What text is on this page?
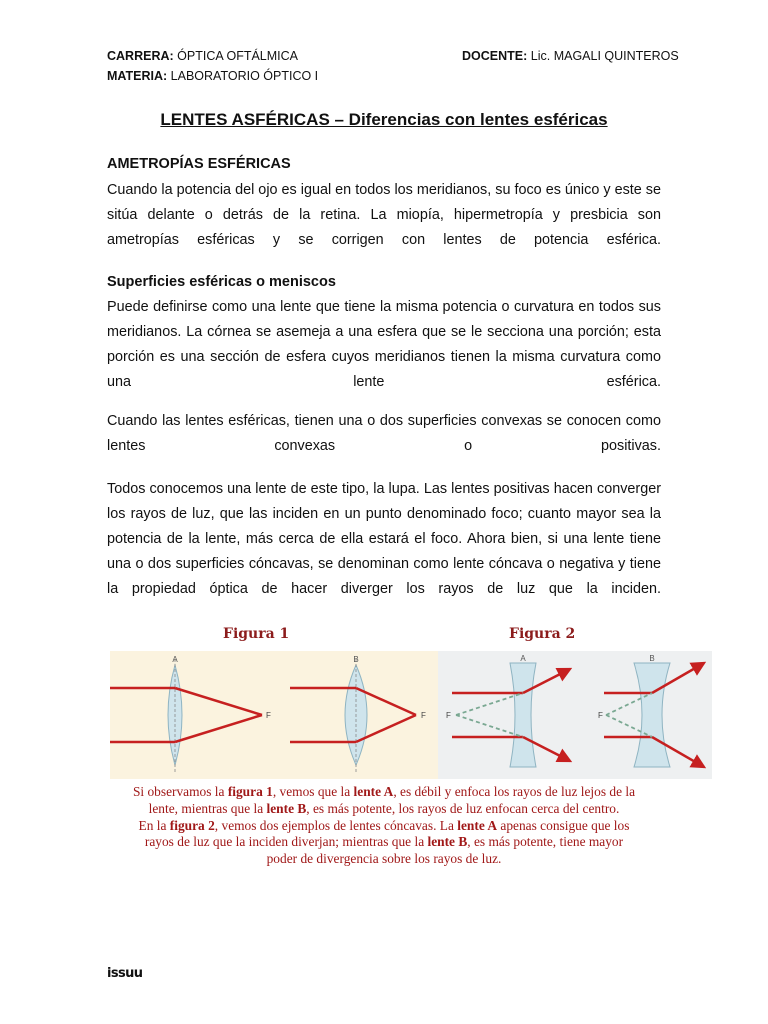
CARRERA: ÓPTICA OFTÁLMICA
MATERIA: LABORATORIO ÓPTICO I
DOCENTE: Lic. MAGALI QUINTEROS
LENTES ASFÉRICAS – Diferencias con lentes esféricas
AMETROPÍAS ESFÉRICAS

Cuando la potencia del ojo es igual en todos los meridianos, su foco es único y este se sitúa delante o detrás de la retina. La miopía, hipermetropía y presbicia son ametropías esféricas y se corrigen con lentes de potencia esférica.

Superficies esféricas o meniscos

Puede definirse como una lente que tiene la misma potencia o curvatura en todos sus meridianos. La córnea se asemeja a una esfera que se le secciona una porción; esta porción es una sección de esfera cuyos meridianos tienen la misma curvatura como una lente esférica.

Cuando las lentes esféricas, tienen una o dos superficies convexas se conocen como lentes convexas o positivas.

Todos conocemos una lente de este tipo, la lupa. Las lentes positivas hacen converger los rayos de luz, que las inciden en un punto denominado foco; cuanto mayor sea la potencia de la lente, más cerca de ella estará el foco. Ahora bien, si una lente tiene una o dos superficies cóncavas, se denominan como lente cóncava o negativa y tiene la propiedad óptica de hacer diverger los rayos de luz que la inciden.

Figura 1	Figura 2
A
F
B
F
A
F
B
F

Si observamos la figura 1, vemos que la lente A, es débil y enfoca los rayos de luz lejos de la lente, mientras que la lente B, es más potente, los rayos de luz enfocan cerca del centro.
En la figura 2, vemos dos ejemplos de lentes cóncavas. La lente A apenas consigue que los rayos de luz que la inciden diverjan; mientras que la lente B, es más potente, tiene mayor poder de divergencia sobre los rayos de luz.

issuu
